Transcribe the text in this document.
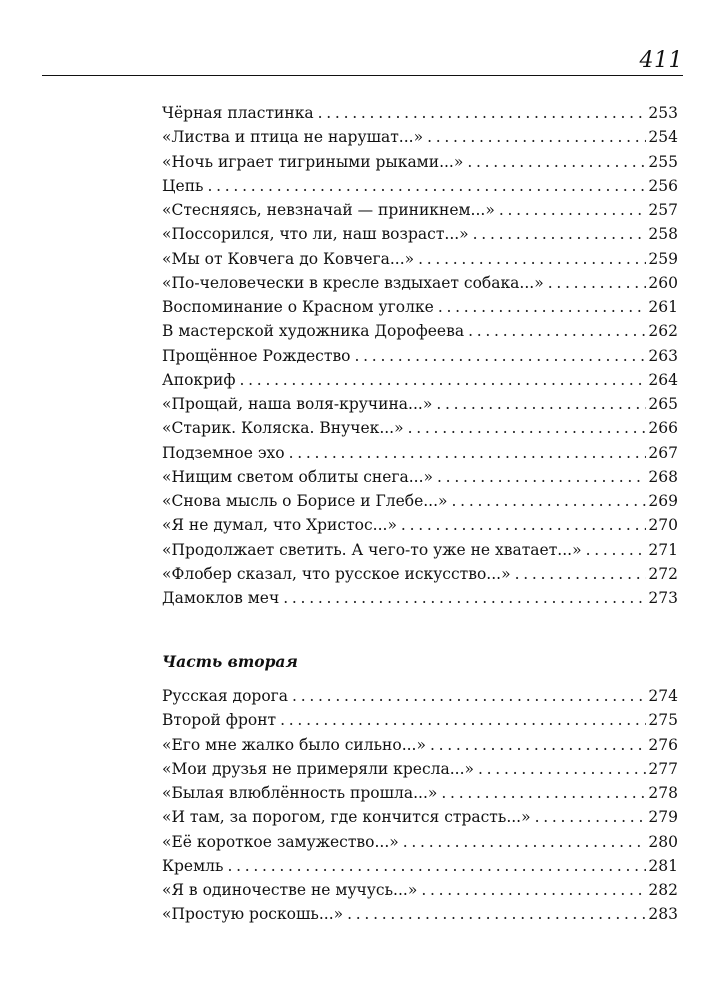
411
Чёрная пластинка . . .	253
«Листва и птица не нарушат...» . . .	254
«Ночь играет тигриными рыками...» . . .	255
Цепь . . .	256
«Стесняясь, невзначай — приникнем...» . . .	257
«Поссорился, что ли, наш возраст...» . . .	258
«Мы от Ковчега до Ковчега...» . . .	259
«По-человечески в кресле вздыхает собака...» . . .	260
Воспоминание о Красном уголке . . .	261
В мастерской художника Дорофеева . . .	262
Прощённое Рождество . . .	263
Апокриф . . .	264
«Прощай, наша воля-кручина...» . . .	265
«Старик. Коляска. Внучек...» . . .	266
Подземное эхо . . .	267
«Нищим светом облиты снега...» . . .	268
«Снова мысль о Борисе и Глебе...» . . .	269
«Я не думал, что Христос...» . . .	270
«Продолжает светить. А чего-то уже не хватает...» . . .	271
«Флобер сказал, что русское искусство...» . . .	272
Дамоклов меч . . .	273
Часть вторая
Русская дорога . . .	274
Второй фронт . . .	275
«Его мне жалко было сильно...» . . .	276
«Мои друзья не примеряли кресла...» . . .	277
«Былая влюблённость прошла...» . . .	278
«И там, за порогом, где кончится страсть...» . . .	279
«Её короткое замужество...» . . .	280
Кремль . . .	281
«Я в одиночестве не мучусь...» . . .	282
«Простую роскошь...» . . .	283
